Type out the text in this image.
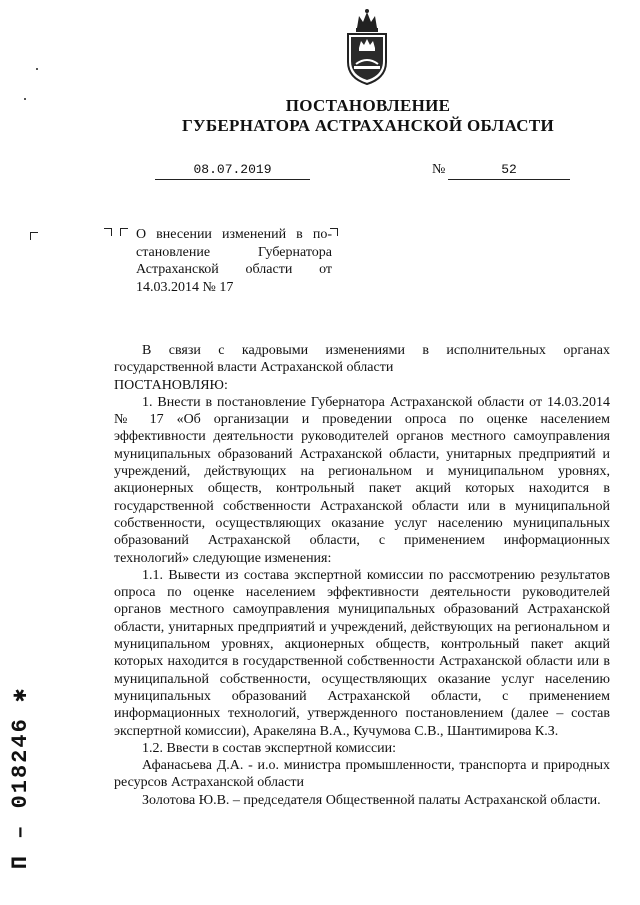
ПОСТАНОВЛЕНИЕ
ГУБЕРНАТОРА АСТРАХАНСКОЙ ОБЛАСТИ
08.07.2019	№	52
О внесении изменений в по-
становление Губернатора
Астраханской области от
14.03.2014 № 17

В связи с кадровыми изменениями в исполнительных органах государственной власти Астраханской области

ПОСТАНОВЛЯЮ:

1. Внести в постановление Губернатора Астраханской области от 14.03.2014 № 17 «Об организации и проведении опроса по оценке населением эффективности деятельности руководителей органов местного самоуправления муниципальных образований Астраханской области, унитарных предприятий и учреждений, действующих на региональном и муниципальном уровнях, акционерных обществ, контрольный пакет акций которых находится в государственной собственности Астраханской области или в муниципальной собственности, осуществляющих оказание услуг населению муниципальных образований Астраханской области, с применением информационных технологий» следующие изменения:

1.1. Вывести из состава экспертной комиссии по рассмотрению результатов опроса по оценке населением эффективности деятельности руководителей органов местного самоуправления муниципальных образований Астраханской области, унитарных предприятий и учреждений, действующих на региональном и муниципальном уровнях, акционерных обществ, контрольный пакет акций которых находится в государственной собственности Астраханской области или в муниципальной собственности, осуществляющих оказание услуг населению муниципальных образований Астраханской области, с применением информационных технологий, утвержденного постановлением (далее – состав экспертной комиссии), Аракеляна В.А., Кучумова С.В., Шантимирова К.З.

1.2. Ввести в состав экспертной комиссии:

Афанасьева Д.А. - и.о. министра промышленности, транспорта и природных ресурсов Астраханской области

Золотова Ю.В. – председателя Общественной палаты Астраханской области.

П – 018246 ✱
